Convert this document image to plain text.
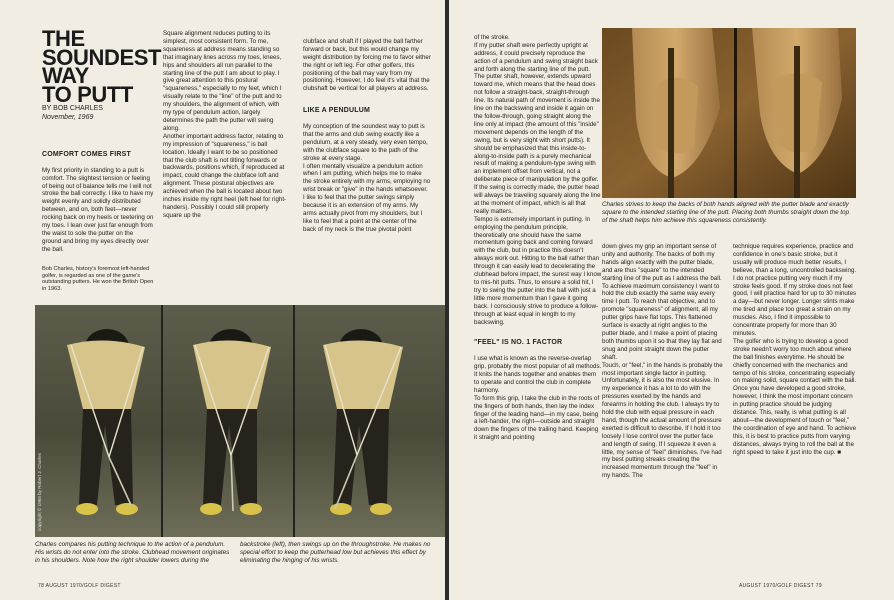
THE
SOUNDEST
WAY
TO PUTT
BY BOB CHARLES
November, 1969

COMFORT COMES FIRST

My first priority in standing to a putt is comfort. The slightest tension or feeling of being out of balance tells me I will not stroke the ball correctly. I like to have my weight evenly and solidly distributed between, and on, both feet—never rocking back on my heels or teetering on my toes. I lean over just far enough from the waist to sole the putter on the ground and bring my eyes directly over the ball.

Bob Charles, history's foremost left-handed golfer, is regarded as one of the game's outstanding putters. He won the British Open in 1963.
Square alignment reduces putting to its simplest, most consistent form. To me, squareness at address means standing so that imaginary lines across my toes, knees, hips and shoulders all run parallel to the starting line of the putt I am about to play. I give great attention to this postural "squareness," especially to my feet, which I visually relate to the "line" of the putt and to my shoulders, the alignment of which, with my type of pendulum action, largely determines the path the putter will swing along.
Another important address factor, relating to my impression of "squareness," is ball location. Ideally I want to be so positioned that the club shaft is not tilting forwards or backwards, positions which, if reproduced at impact, could change the clubface loft and alignment. These postural objectives are achieved when the ball is located about two inches inside my right heel (left heel for right-handers). Possibly I could still properly square up the

clubface and shaft if I played the ball farther forward or back, but this would change my weight distribution by forcing me to favor either the right or left leg. For other golfers, this positioning of the ball may vary from my positioning. However, I do feel it's vital that the clubshaft be vertical for all players at address.

LIKE A PENDULUM

My conception of the soundest way to putt is that the arms and club swing exactly like a pendulum, at a very steady, very even tempo, with the clubface square to the path of the stroke at every stage.
I often mentally visualize a pendulum action when I am putting, which helps me to make the stroke entirely with my arms, employing no wrist break or "give" in the hands whatsoever. I like to feel that the putter swings simply because it is an extension of my arms. My arms actually pivot from my shoulders, but I like to feel that a point at the center of the back of my neck is the true pivotal point

copyright © 1968 by Robert J. Charles
Charles compares his putting technique to the action of a pendulum. His wrists do not enter into the stroke. Clubhead movement originates in his shoulders. Note how the right shoulder lowers during the
backstroke (left), then swings up on the throughstroke. He makes no special effort to keep the putterhead low but achieves this effect by eliminating the hinging of his wrists.
78 AUGUST 1970/GOLF DIGEST

of the stroke.
If my putter shaft were perfectly upright at address, it could precisely reproduce the action of a pendulum and swing straight back and forth along the starting line of the putt. The putter shaft, however, extends upward toward me, which means that the head does not follow a straight-back, straight-through line. Its natural path of movement is inside the line on the backswing and inside it again on the follow-through, going straight along the line only at impact (the amount of this "inside" movement depends on the length of the swing, but is very slight with short putts). It should be emphasized that this inside-to-along-to-inside path is a purely mechanical result of making a pendulum-type swing with an implement offset from vertical, not a deliberate piece of manipulation by the golfer. If the swing is correctly made, the putter head will always be traveling squarely along the line at the moment of impact, which is all that really matters.
Tempo is extremely important in putting. In employing the pendulum principle, theoretically one should have the same momentum going back and coming forward with the club, but in practice this doesn't always work out. Hitting to the ball rather than through it can easily lead to decelerating the clubhead before impact, the surest way I know to mis-hit putts. Thus, to ensure a solid hit, I try to swing the putter into the ball with just a little more momentum than I gave it going back. I consciously strive to produce a follow-through at least equal in length to my backswing.

"FEEL" IS NO. 1 FACTOR

I use what is known as the reverse-overlap grip, probably the most popular of all methods. It knits the hands together and enables them to operate and control the club in complete harmony.
To form this grip, I take the club in the roots of the fingers of both hands, then lay the index finger of the leading hand—in my case, being a left-hander, the right—outside and straight down the fingers of the trailing hand. Keeping it straight and pointing

Charles strives to keep the backs of both hands aligned with the putter blade and exactly square to the intended starting line of the putt. Placing both thumbs straight down the top of the shaft helps him achieve this squareness consistently.
down gives my grip an important sense of unity and authority. The backs of both my hands align exactly with the putter blade, and are thus "square" to the intended starting line of the putt as I address the ball.
To achieve maximum consistency I want to hold the club exactly the same way every time I putt. To reach that objective, and to promote "squareness" of alignment, all my putter grips have flat tops. This flattened surface is exactly at right angles to the putter blade, and I make a point of placing both thumbs upon it so that they lay flat and snug and point straight down the putter shaft.
Touch, or "feel," in the hands is probably the most important single factor in putting. Unfortunately, it is also the most elusive. In my experience it has a lot to do with the pressures exerted by the hands and forearms in holding the club. I always try to hold the club with equal pressure in each hand, though the actual amount of pressure exerted is difficult to describe. If I hold it too loosely I lose control over the putter face and length of swing. If I squeeze it even a little, my sense of "feel" diminishes. I've had my best putting streaks creating the increased momentum through the "feel" in my hands. The
technique requires experience, practice and confidence in one's basic stroke, but it usually will produce much better results, I believe, than a long, uncontrolled backswing.
I do not practice putting very much if my stroke feels good. If my stroke does not feel good, I will practice hard for up to 30 minutes a day—but never longer. Longer stints make me tired and place too great a strain on my muscles. Also, I find it impossible to concentrate properly for more than 30 minutes.
The golfer who is trying to develop a good stroke needn't worry too much about where the ball finishes everytime. He should be chiefly concerned with the mechanics and tempo of his stroke, concentrating especially on making solid, square contact with the ball.
Once you have developed a good stroke, however, I think the most important concern in putting practice should be judging distance. This, really, is what putting is all about—the development of touch or "feel," the coordination of eye and hand. To achieve this, it is best to practice putts from varying distances, always trying to roll the ball at the right speed to take it just into the cup. ■
AUGUST 1970/GOLF DIGEST 79
